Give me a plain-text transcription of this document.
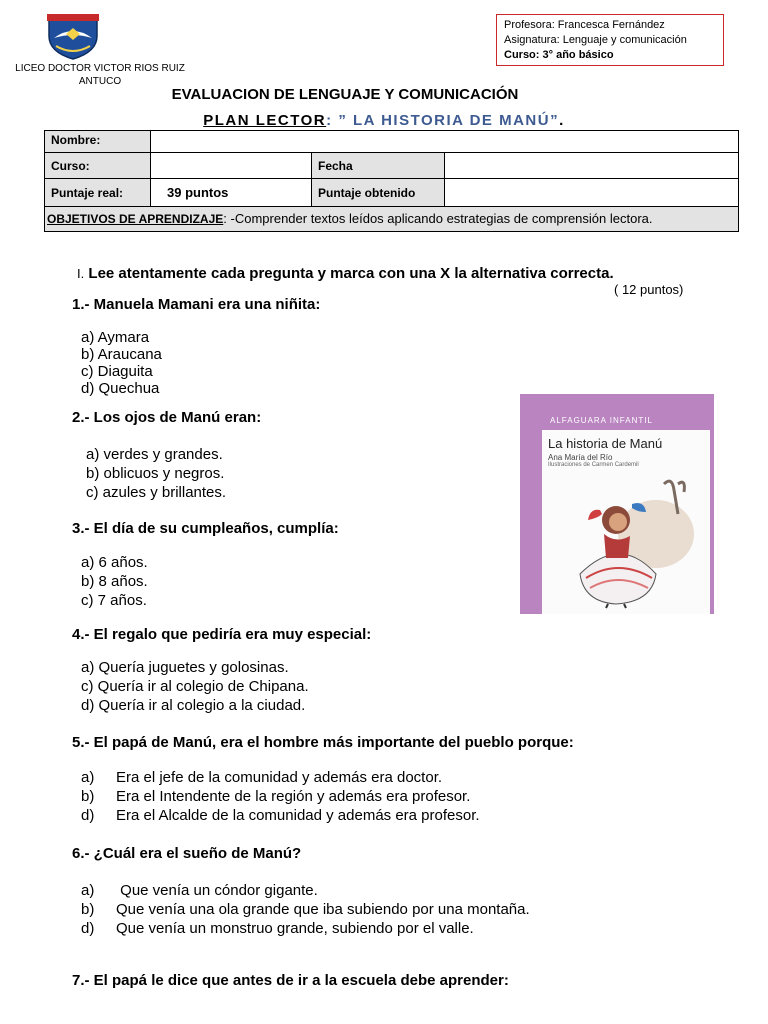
LICEO DOCTOR VICTOR RIOS RUIZ
ANTUCO
Profesora: Francesca Fernández
Asignatura: Lenguaje y comunicación
Curso: 3° año básico
EVALUACION DE LENGUAJE Y COMUNICACIÓN
PLAN LECTOR: ” LA HISTORIA DE MANÚ”.
Nombre:			
Curso:		Fecha	
Puntaje real:	39 puntos	Puntaje obtenido	
OBJETIVOS DE APRENDIZAJE: -Comprender textos leídos aplicando estrategias de comprensión lectora.			
I. Lee atentamente cada pregunta y marca con una X la alternativa correcta.
( 12 puntos)
1.- Manuela Mamani era una niñita:
a) Aymara
b) Araucana
c) Diaguita
d) Quechua
2.- Los ojos de Manú eran:
a) verdes y grandes.
b) oblicuos y negros.
c) azules y brillantes.
3.- El día de su cumpleaños, cumplía:
a) 6 años.
b) 8 años.
c) 7 años.
ALFAGUARA INFANTIL
La historia de Manú
Ana María del Río
Ilustraciones de Carmen Cardemil
4.- El regalo que pediría era muy especial:
a) Quería juguetes y golosinas.
c) Quería ir al colegio de Chipana.
d) Quería ir al colegio a la ciudad.
5.- El papá de Manú, era el hombre más importante del pueblo porque:
a) Era el jefe de la comunidad y además era doctor.
b) Era el Intendente de la región y además era profesor.
d) Era el Alcalde de la comunidad y además era profesor.
6.- ¿Cuál era el sueño de Manú?
a) Que venía un cóndor gigante.
b) Que venía una ola grande que iba subiendo por una montaña.
d) Que venía un monstruo grande, subiendo por el valle.
7.- El papá le dice que antes de ir a la escuela debe aprender:
